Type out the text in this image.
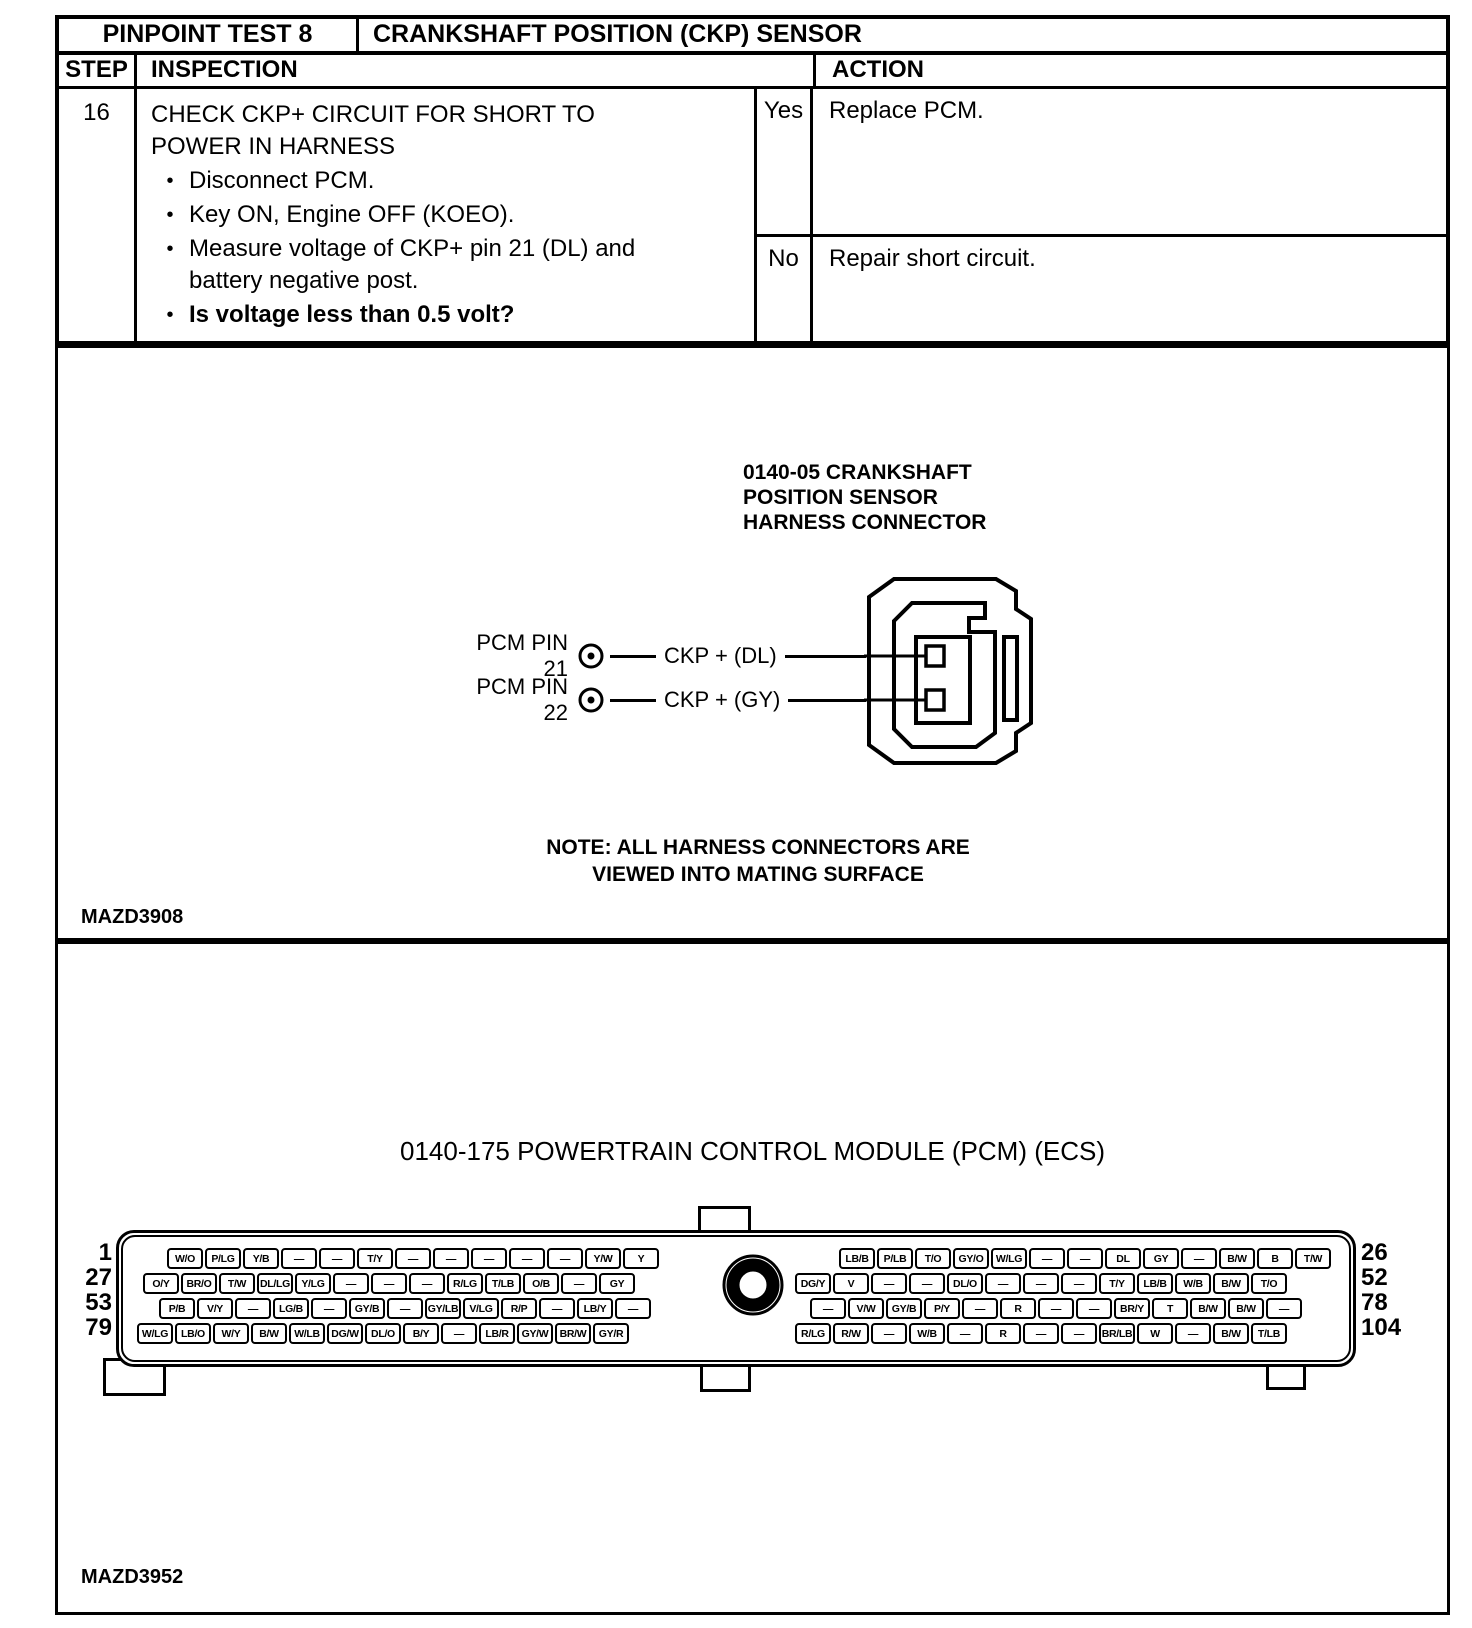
PINPOINT TEST 8	CRANKSHAFT POSITION (CKP) SENSOR
STEP INSPECTION	ACTION
16	CHECK CKP+ CIRCUIT FOR SHORT TO POWER IN HARNESS
• Disconnect PCM.
• Key ON, Engine OFF (KOEO).
• Measure voltage of CKP+ pin 21 (DL) and battery negative post.
• Is voltage less than 0.5 volt?
Yes	Replace PCM.
No	Repair short circuit.
0140-05 CRANKSHAFT
POSITION SENSOR
HARNESS CONNECTOR
PCM PIN 21
CKP + (DL)
PCM PIN 22
CKP + (GY)
NOTE: ALL HARNESS CONNECTORS ARE
VIEWED INTO MATING SURFACE
MAZD3908
0140-175 POWERTRAIN CONTROL MODULE (PCM) (ECS)
1
27
53
79
26
52
78
104
W/O	P/LG	Y/B	—	—	T/Y	—	—	—	—	—	Y/W	Y
O/Y	BR/O	T/W	DL/LG	Y/LG	—	—	—	R/LG	T/LB	O/B	—	GY
P/B	V/Y	—	LG/B	—	GY/B	—	GY/LB	V/LG	R/P	—	LB/Y	—
W/LG	LB/O	W/Y	B/W	W/LB	DG/W	DL/O	B/Y	—	LB/R	GY/W	BR/W	GY/R
LB/B	P/LB	T/O	GY/O	W/LG	—	—	DL	GY	—	B/W	B	T/W
DG/Y	V	—	—	DL/O	—	—	—	T/Y	LB/B	W/B	B/W	T/O
—	V/W	GY/B	P/Y	—	R	—	—	BR/Y	T	B/W	B/W	—
R/LG	R/W	—	W/B	—	R	—	—	BR/LB	W	—	B/W	T/LB
MAZD3952
